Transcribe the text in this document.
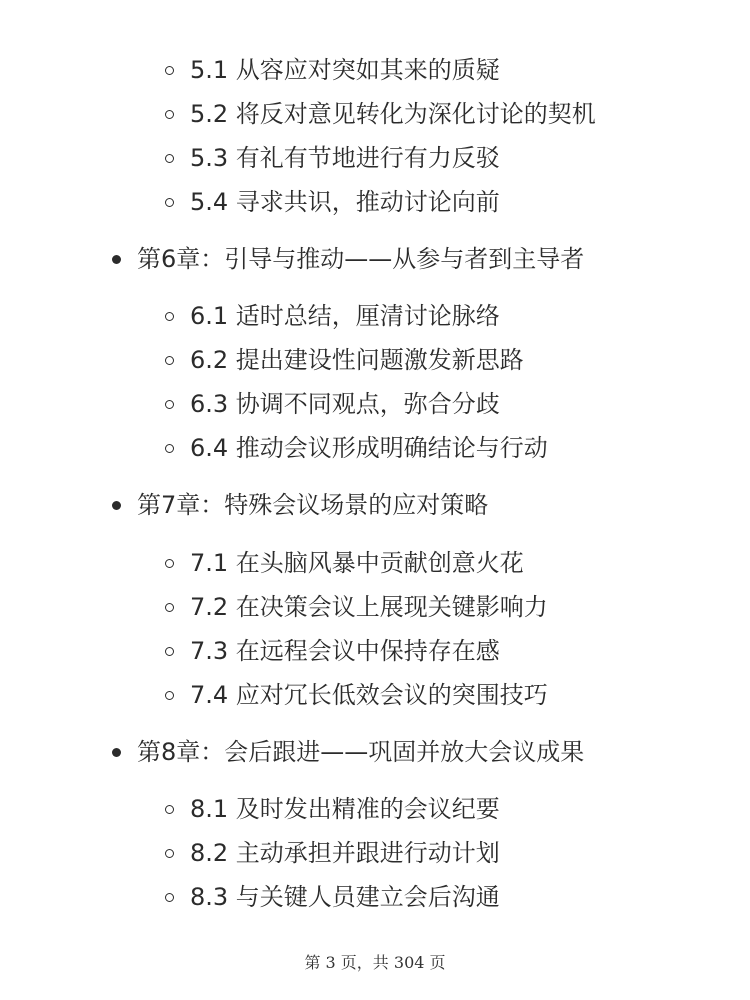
5.1 从容应对突如其来的质疑
5.2 将反对意见转化为深化讨论的契机
5.3 有礼有节地进行有力反驳
5.4 寻求共识，推动讨论向前
第6章：引导与推动——从参与者到主导者
6.1 适时总结，厘清讨论脉络
6.2 提出建设性问题激发新思路
6.3 协调不同观点，弥合分歧
6.4 推动会议形成明确结论与行动
第7章：特殊会议场景的应对策略
7.1 在头脑风暴中贡献创意火花
7.2 在决策会议上展现关键影响力
7.3 在远程会议中保持存在感
7.4 应对冗长低效会议的突围技巧
第8章：会后跟进——巩固并放大会议成果
8.1 及时发出精准的会议纪要
8.2 主动承担并跟进行动计划
8.3 与关键人员建立会后沟通
第 3 页，共 304 页
